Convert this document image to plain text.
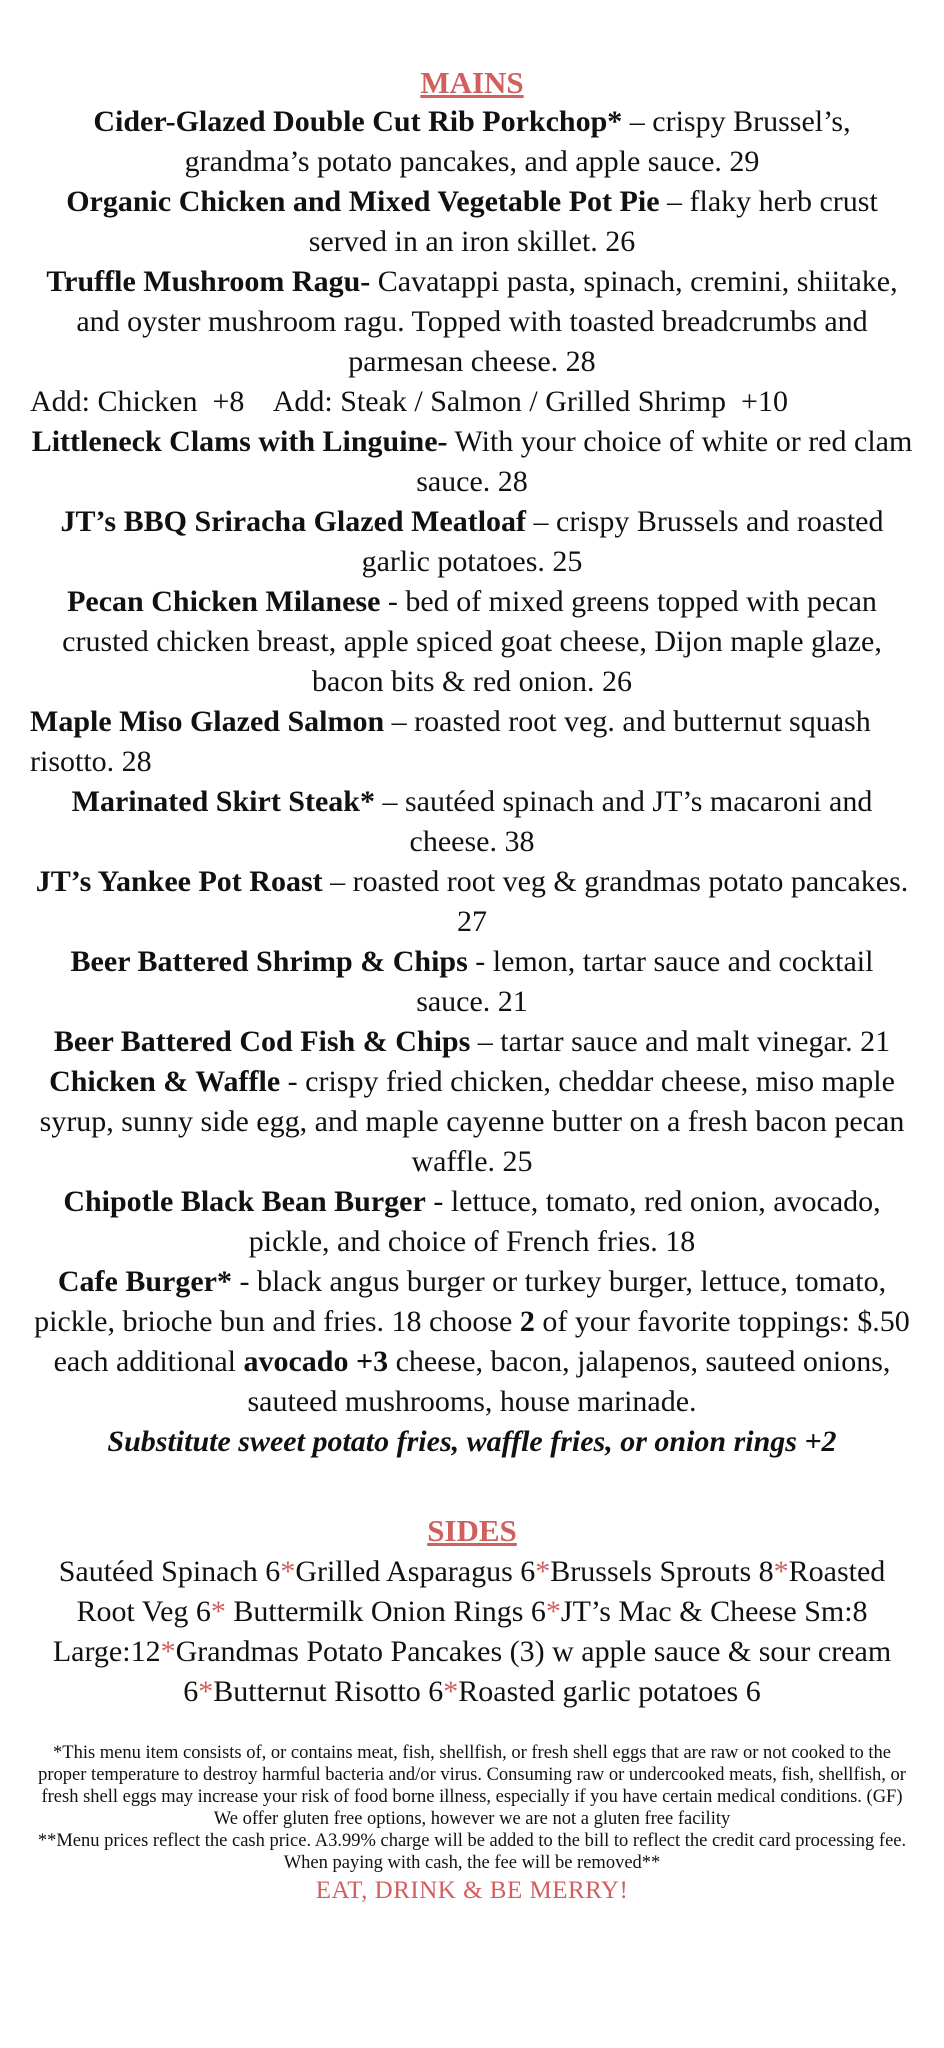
MAINS

Cider-Glazed Double Cut Rib Porkchop* – crispy Brussel’s, grandma’s potato pancakes, and apple sauce. 29

Organic Chicken and Mixed Vegetable Pot Pie – flaky herb crust served in an iron skillet. 26

Truffle Mushroom Ragu- Cavatappi pasta, spinach, cremini, shiitake, and oyster mushroom ragu. Topped with toasted breadcrumbs and parmesan cheese. 28

Add: Chicken  +8    Add: Steak / Salmon / Grilled Shrimp  +10

Littleneck Clams with Linguine- With your choice of white or red clam sauce. 28

JT’s BBQ Sriracha Glazed Meatloaf – crispy Brussels and roasted garlic potatoes. 25

Pecan Chicken Milanese - bed of mixed greens topped with pecan crusted chicken breast, apple spiced goat cheese, Dijon maple glaze, bacon bits & red onion. 26

Maple Miso Glazed Salmon – roasted root veg. and butternut squash risotto. 28

Marinated Skirt Steak* – sautéed spinach and JT’s macaroni and cheese. 38

JT’s Yankee Pot Roast – roasted root veg & grandmas potato pancakes. 27

Beer Battered Shrimp & Chips - lemon, tartar sauce and cocktail sauce. 21

Beer Battered Cod Fish & Chips – tartar sauce and malt vinegar. 21

Chicken & Waffle - crispy fried chicken, cheddar cheese, miso maple syrup, sunny side egg, and maple cayenne butter on a fresh bacon pecan waffle. 25

Chipotle Black Bean Burger - lettuce, tomato, red onion, avocado, pickle, and choice of French fries. 18

Cafe Burger* - black angus burger or turkey burger, lettuce, tomato, pickle, brioche bun and fries. 18 choose 2 of your favorite toppings: $.50 each additional avocado +3 cheese, bacon, jalapenos, sauteed onions, sauteed mushrooms, house marinade.

Substitute sweet potato fries, waffle fries, or onion rings +2

SIDES

Sautéed Spinach 6*Grilled Asparagus 6*Brussels Sprouts 8*Roasted Root Veg 6* Buttermilk Onion Rings 6*JT’s Mac & Cheese Sm:8 Large:12*Grandmas Potato Pancakes (3) w apple sauce & sour cream 6*Butternut Risotto 6*Roasted garlic potatoes 6

*This menu item consists of, or contains meat, fish, shellfish, or fresh shell eggs that are raw or not cooked to the proper temperature to destroy harmful bacteria and/or virus. Consuming raw or undercooked meats, fish, shellfish, or fresh shell eggs may increase your risk of food borne illness, especially if you have certain medical conditions. (GF) We offer gluten free options, however we are not a gluten free facility

**Menu prices reflect the cash price. A3.99% charge will be added to the bill to reflect the credit card processing fee. When paying with cash, the fee will be removed**

EAT, DRINK & BE MERRY!
